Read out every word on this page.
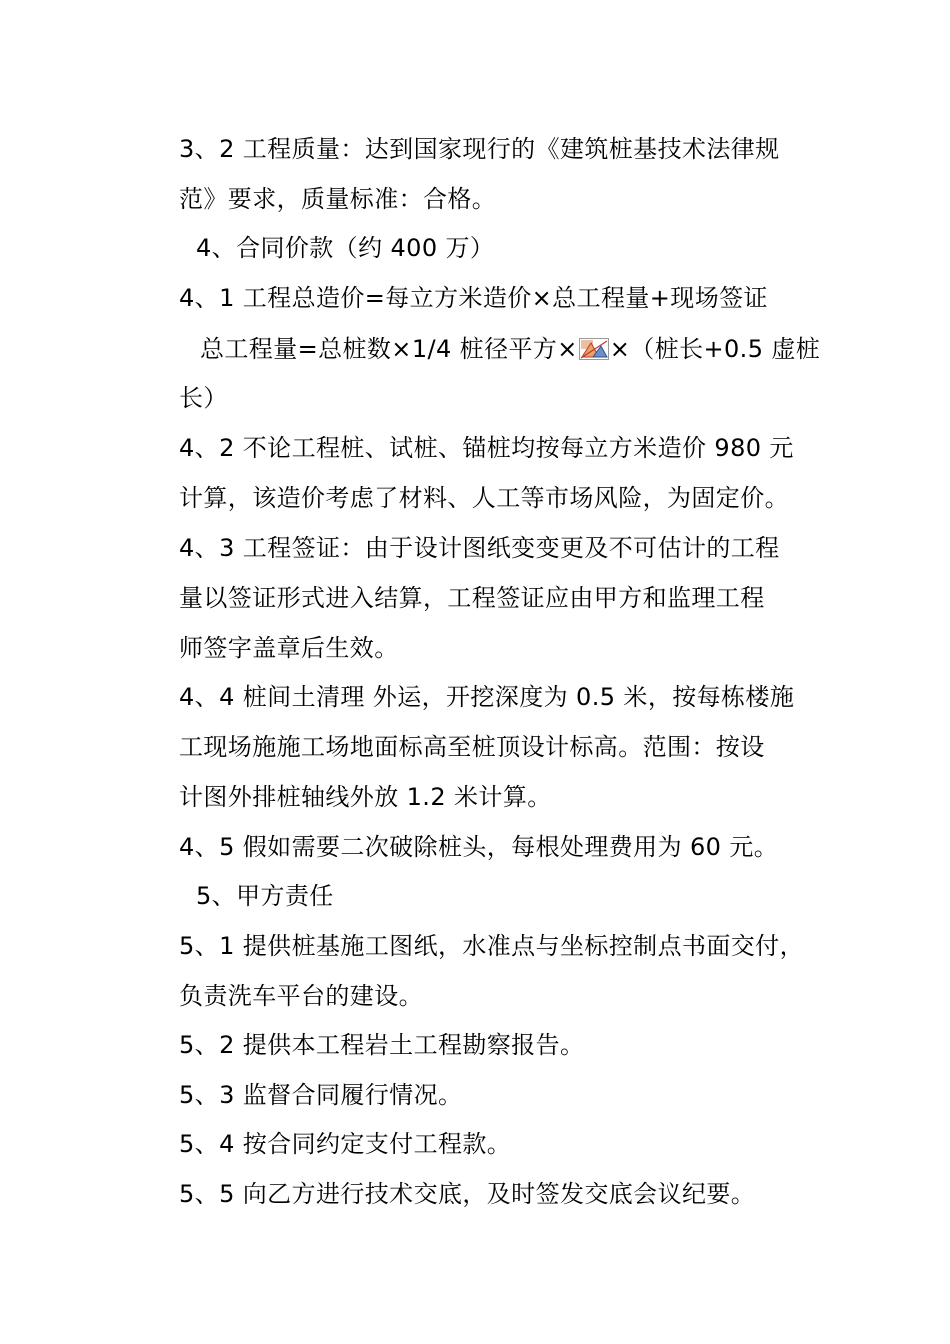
3、2 工程质量：达到国家现行的《建筑桩基技术法律规
范》要求，质量标准：合格。
4、合同价款（约 400 万）
4、1 工程总造价=每立方米造价×总工程量+现场签证
总工程量=总桩数×1/4 桩径平方× ×（桩长+0.5 虚桩
长）
4、2 不论工程桩、试桩、锚桩均按每立方米造价 980 元
计算，该造价考虑了材料、人工等市场风险，为固定价。
4、3 工程签证：由于设计图纸变变更及不可估计的工程
量以签证形式进入结算，工程签证应由甲方和监理工程
师签字盖章后生效。
4、4 桩间土清理 外运，开挖深度为 0.5 米，按每栋楼施
工现场施施工场地面标高至桩顶设计标高。范围：按设
计图外排桩轴线外放 1.2 米计算。
4、5 假如需要二次破除桩头，每根处理费用为 60 元。
5、甲方责任
5、1 提供桩基施工图纸，水准点与坐标控制点书面交付，
负责洗车平台的建设。
5、2 提供本工程岩土工程勘察报告。
5、3 监督合同履行情况。
5、4 按合同约定支付工程款。
5、5 向乙方进行技术交底，及时签发交底会议纪要。
